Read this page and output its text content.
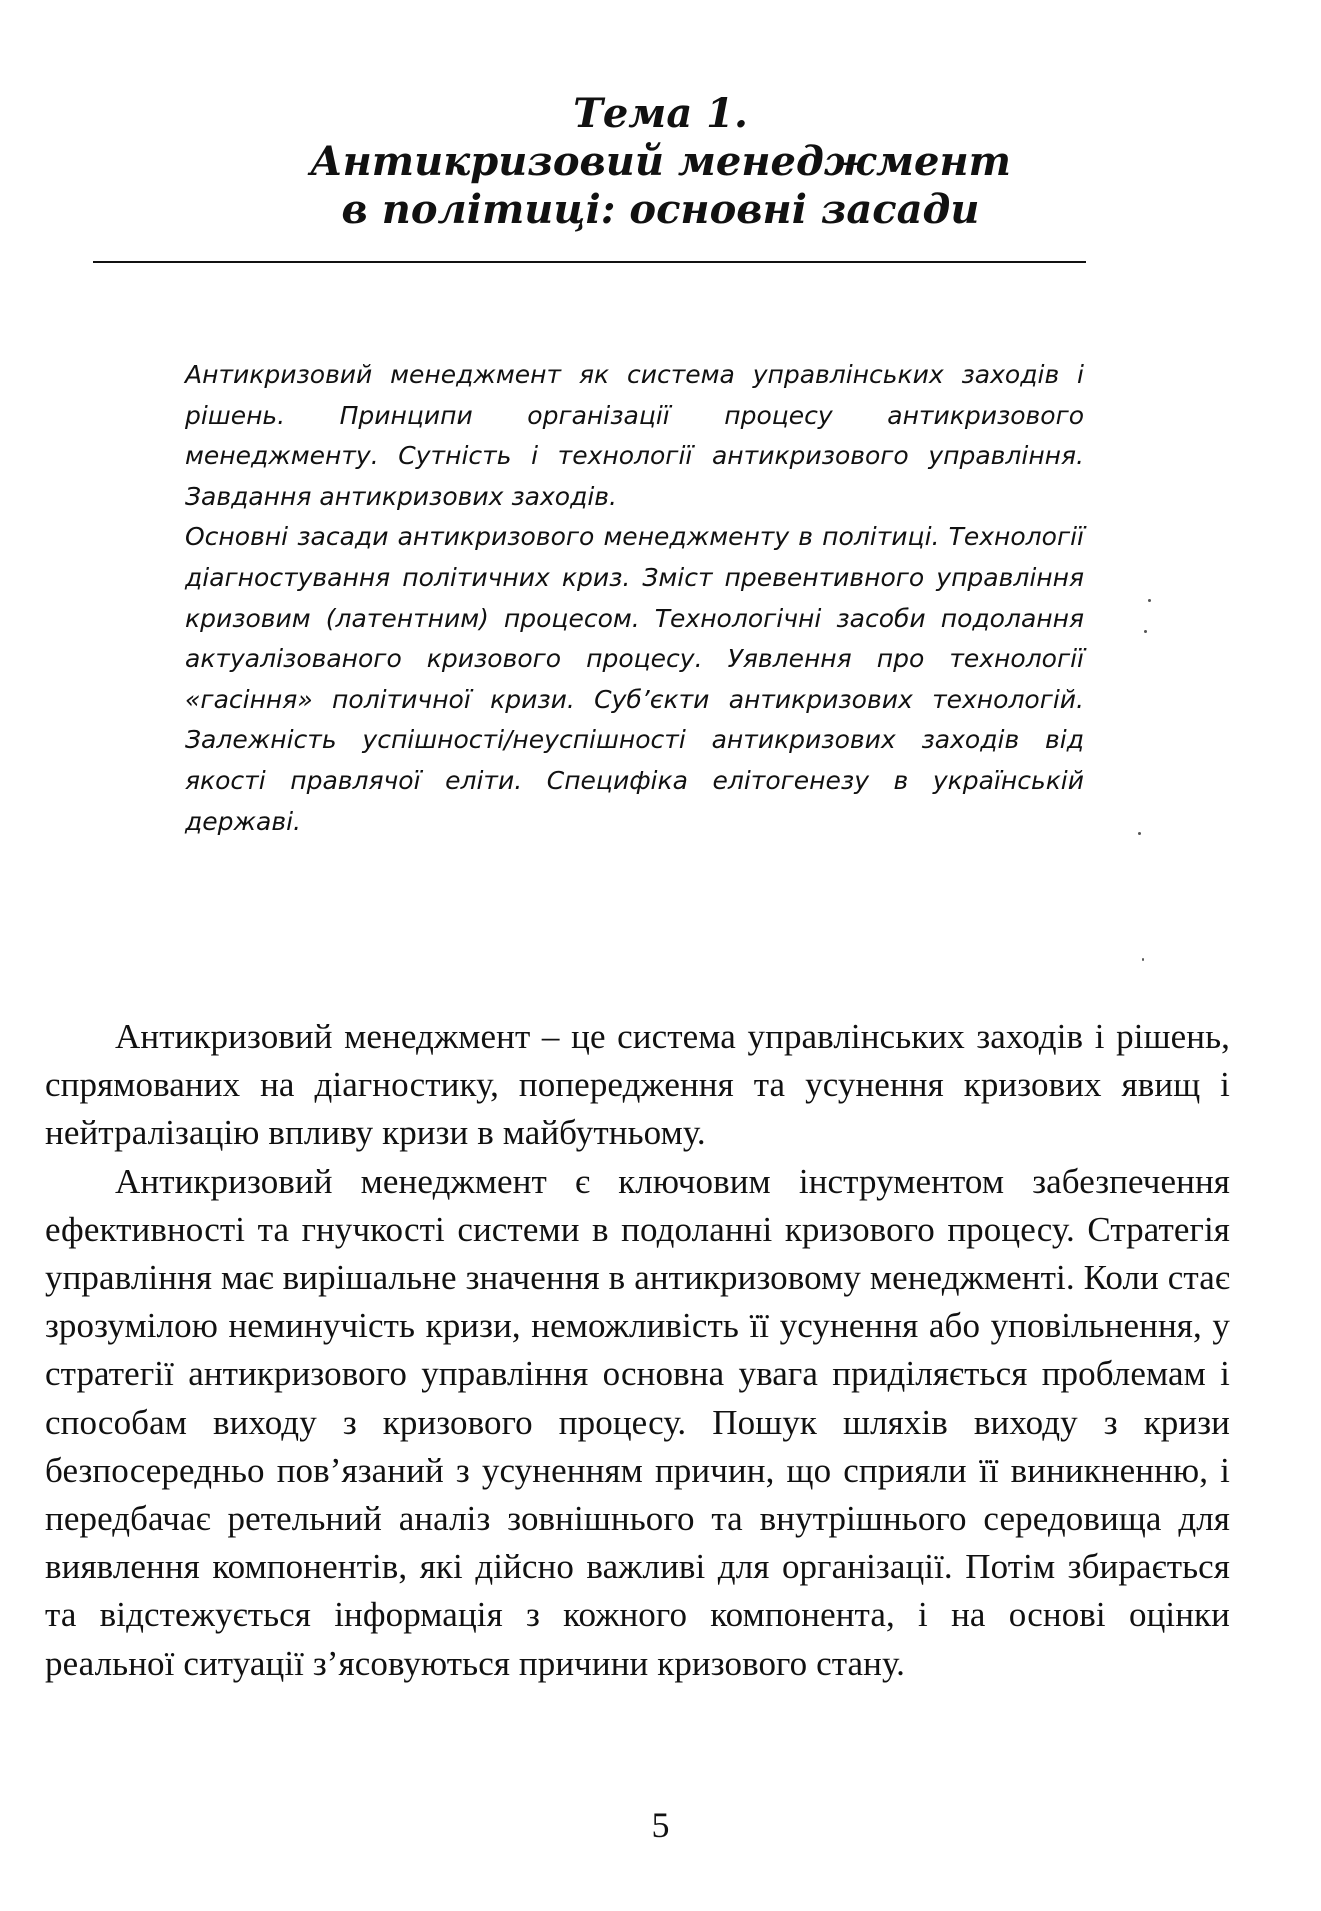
Тема 1.
Антикризовий менеджмент
в політиці: основні засади

Антикризовий менеджмент як система управлінських заходів і рішень. Принципи організації процесу антикризового менеджменту. Сутність і технології антикризового управління. Завдання антикризових заходів.

Основні засади антикризового менеджменту в політиці. Технології діагностування політичних криз. Зміст превентивного управління кризовим (латентним) процесом. Технологічні засоби подолання актуалізованого кризового процесу. Уявлення про технології «гасіння» політичної кризи. Суб’єкти антикризових технологій. Залежність успішності/неуспішності антикризових заходів від якості правлячої еліти. Специфіка елітогенезу в українській державі.

Антикризовий менеджмент – це система управлінських заходів і рішень, спрямованих на діагностику, попередження та усунення кризових явищ і нейтралізацію впливу кризи в майбутньому.

Антикризовий менеджмент є ключовим інструментом забезпечення ефективності та гнучкості системи в подоланні кризового процесу. Стратегія управління має вирішальне значення в антикризовому менеджменті. Коли стає зрозумілою неминучість кризи, неможливість її усунення або уповільнення, у стратегії антикризового управління основна увага приділяється проблемам і способам виходу з кризового процесу. Пошук шляхів виходу з кризи безпосередньо пов’язаний з усуненням причин, що сприяли її виникненню, і передбачає ретельний аналіз зовнішнього та внутрішнього середовища для виявлення компонентів, які дійсно важливі для організації. Потім збирається та відстежується інформація з кожного компонента, і на основі оцінки реальної ситуації з’ясовуються причини кризового стану.

5
